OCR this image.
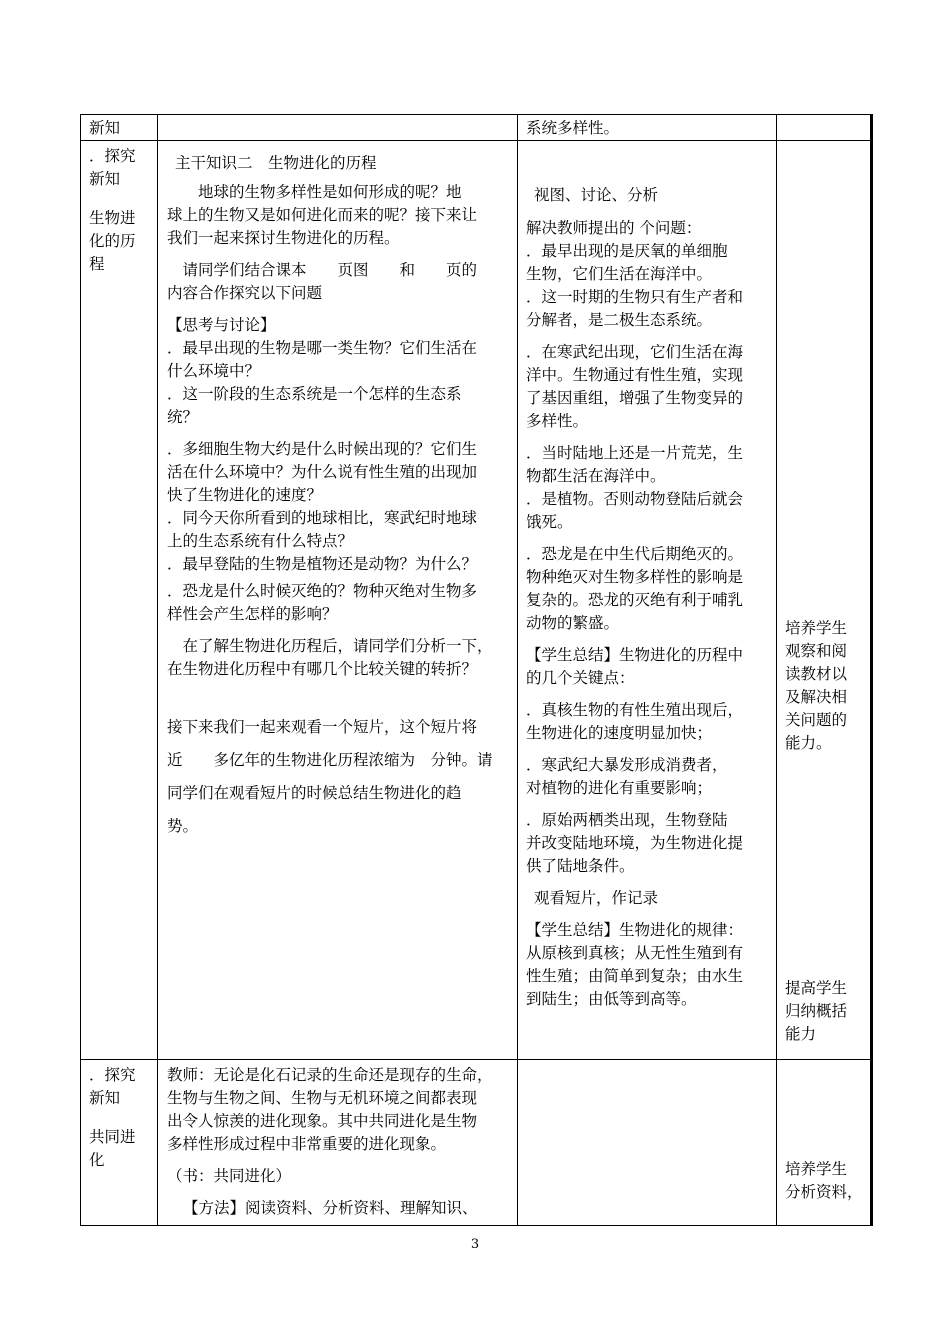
新知	系统多样性。
．探究
新知
生物进
化的历
程
主干知识二　生物进化的历程
　　地球的生物多样性是如何形成的呢？地
球上的生物又是如何进化而来的呢？接下来让
我们一起来探讨生物进化的历程。
　请同学们结合课本　　页图　　和　　页的
内容合作探究以下问题
【思考与讨论】
．最早出现的生物是哪一类生物？它们生活在
什么环境中？
．这一阶段的生态系统是一个怎样的生态系
统？
．多细胞生物大约是什么时候出现的？它们生
活在什么环境中？为什么说有性生殖的出现加
快了生物进化的速度？
．同今天你所看到的地球相比，寒武纪时地球
上的生态系统有什么特点？
．最早登陆的生物是植物还是动物？为什么？
．恐龙是什么时候灭绝的？物种灭绝对生物多
样性会产生怎样的影响？
　在了解生物进化历程后，请同学们分析一下，
在生物进化历程中有哪几个比较关键的转折？
接下来我们一起来观看一个短片，这个短片将
近　　多亿年的生物进化历程浓缩为　分钟。请
同学们在观看短片的时候总结生物进化的趋
势。
视图、讨论、分析
解决教师提出的 个问题：
．最早出现的是厌氧的单细胞
生物，它们生活在海洋中。
．这一时期的生物只有生产者和
分解者，是二极生态系统。
．在寒武纪出现，它们生活在海
洋中。生物通过有性生殖，实现
了基因重组，增强了生物变异的
多样性。
．当时陆地上还是一片荒芜，生
物都生活在海洋中。
．是植物。否则动物登陆后就会
饿死。
．恐龙是在中生代后期绝灭的。
物种绝灭对生物多样性的影响是
复杂的。恐龙的灭绝有利于哺乳
动物的繁盛。
【学生总结】生物进化的历程中
的几个关键点：
．真核生物的有性生殖出现后，
生物进化的速度明显加快；
．寒武纪大暴发形成消费者，
对植物的进化有重要影响；
．原始两栖类出现，生物登陆
并改变陆地环境，为生物进化提
供了陆地条件。
观看短片，作记录
【学生总结】生物进化的规律：
从原核到真核；从无性生殖到有
性生殖；由简单到复杂；由水生
到陆生；由低等到高等。
培养学生
观察和阅
读教材以
及解决相
关问题的
能力。
提高学生
归纳概括
能力
．探究
新知
共同进
化
教师：无论是化石记录的生命还是现存的生命，
生物与生物之间、生物与无机环境之间都表现
出令人惊羡的进化现象。其中共同进化是生物
多样性形成过程中非常重要的进化现象。
（书：共同进化）
【方法】阅读资料、分析资料、理解知识、
培养学生
分析资料，
3
